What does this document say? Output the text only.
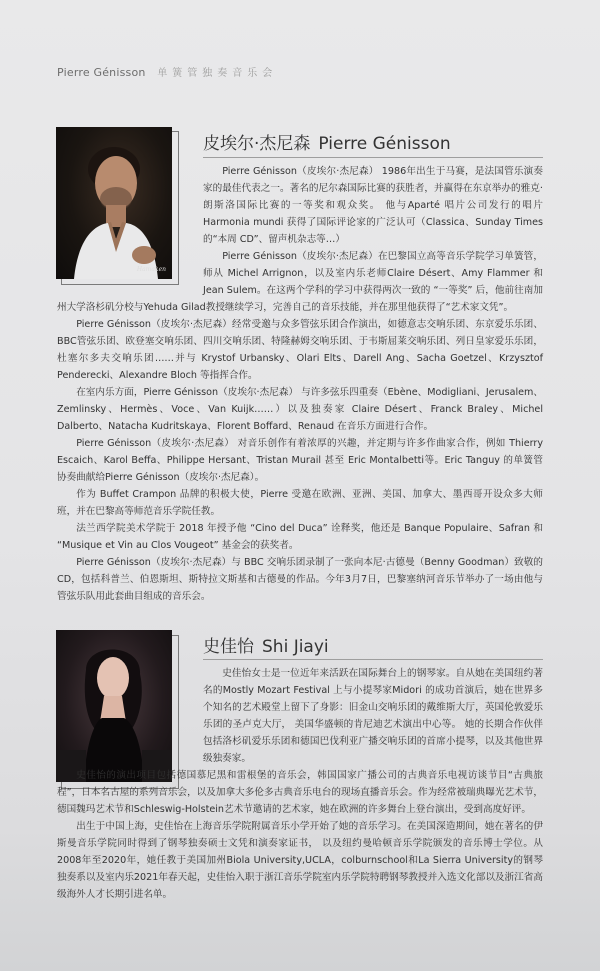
Pierre Génisson 单簧管独奏音乐会
Hamaken
皮埃尔·杰尼森 Pierre Génisson

Pierre Génisson（皮埃尔·杰尼森） 1986年出生于马赛，是法国管乐演奏家的最佳代表之一。著名的尼尔森国际比赛的获胜者，并赢得在东京举办的雅克·朗斯洛国际比赛的一等奖和观众奖。 他与Aparté 唱片公司发行的唱片Harmonia mundi 获得了国际评论家的广泛认可（Classica、Sunday Times的“本周 CD”、留声机杂志等…）

Pierre Génisson（皮埃尔·杰尼森）在巴黎国立高等音乐学院学习单簧管，师从 Michel Arrignon，以及室内乐老师Claire Désert、Amy Flammer 和 Jean Sulem。在这两个学科的学习中获得两次一致的 “一等奖” 后，他前往南加州大学洛杉矶分校与Yehuda Gilad教授继续学习，完善自己的音乐技能，并在那里他获得了“艺术家文凭”。

Pierre Génisson（皮埃尔·杰尼森）经常受邀与众多管弦乐团合作演出，如德意志交响乐团、东京爱乐乐团、BBC管弦乐团、欧登塞交响乐团、四川交响乐团、特隆赫姆交响乐团、于韦斯屈莱交响乐团、列日皇家爱乐乐团，杜塞尔多夫交响乐团……并与 Krystof Urbansky、Olari Elts、Darell Ang、Sacha Goetzel、Krzysztof Penderecki、Alexandre Bloch 等指挥合作。

在室内乐方面，Pierre Génisson（皮埃尔·杰尼森） 与许多弦乐四重奏（Ebène、Modigliani、Jerusalem、Zemlinsky、Hermès、Voce、Van Kuijk……）以及独奏家 Claire Désert、Franck Braley、Michel Dalberto、Natacha Kudritskaya、Florent Boffard、Renaud 在音乐方面进行合作。

Pierre Génisson（皮埃尔·杰尼森） 对音乐创作有着浓厚的兴趣，并定期与许多作曲家合作，例如 Thierry Escaich、Karol Beffa、Philippe Hersant、Tristan Murail 甚至 Eric Montalbetti等。Eric Tanguy 的单簧管协奏曲献给Pierre Génisson（皮埃尔·杰尼森）。

作为 Buffet Crampon 品牌的积极大使，Pierre 受邀在欧洲、亚洲、美国、加拿大、墨西哥开设众多大师班，并在巴黎高等师范音乐学院任教。

法兰西学院美术学院于 2018 年授予他 “Cino del Duca” 诠释奖，他还是 Banque Populaire、Safran 和 “Musique et Vin au Clos Vougeot” 基金会的获奖者。

Pierre Génisson（皮埃尔·杰尼森）与 BBC 交响乐团录制了一张向本尼·古德曼（Benny Goodman）致敬的CD，包括科普兰、伯恩斯坦、斯特拉文斯基和古德曼的作品。今年3月7日，巴黎塞纳河音乐节举办了一场由他与管弦乐队用此套曲目组成的音乐会。

史佳怡 Shi Jiayi

史佳怡女士是一位近年来活跃在国际舞台上的钢琴家。自从她在美国纽约著名的Mostly Mozart Festival 上与小提琴家Midori 的成功首演后，她在世界多个知名的艺术殿堂上留下了身影：旧金山交响乐团的戴维斯大厅，英国伦敦爱乐乐团的圣卢克大厅， 美国华盛顿的肯尼迪艺术演出中心等。 她的长期合作伙伴包括洛杉矶爱乐乐团和德国巴伐利亚广播交响乐团的首席小提琴，以及其他世界级独奏家。

史佳怡的演出项目包括德国慕尼黑和雷根堡的音乐会，韩国国家广播公司的古典音乐电视访谈节目“古典旅程”，日本名古屋的系列音乐会，以及加拿大多伦多古典音乐电台的现场直播音乐会。作为经常被瑞典曝光艺术节，德国魏玛艺术节和Schleswig-Holstein艺术节邀请的艺术家，她在欧洲的许多舞台上登台演出，受到高度好评。

出生于中国上海，史佳怡在上海音乐学院附属音乐小学开始了她的音乐学习。在美国深造期间，她在著名的伊斯曼音乐学院同时得到了钢琴独奏硕士文凭和演奏家证书， 以及纽约曼哈顿音乐学院颁发的音乐博士学位。从2008年至2020年，她任教于美国加州Biola University,UCLA，colburnschool和La Sierra University的钢琴独奏系以及室内乐2021年春天起，史佳怡入职于浙江音乐学院室内乐学院特聘钢琴教授并入选文化部以及浙江省高级海外人才长期引进名单。
